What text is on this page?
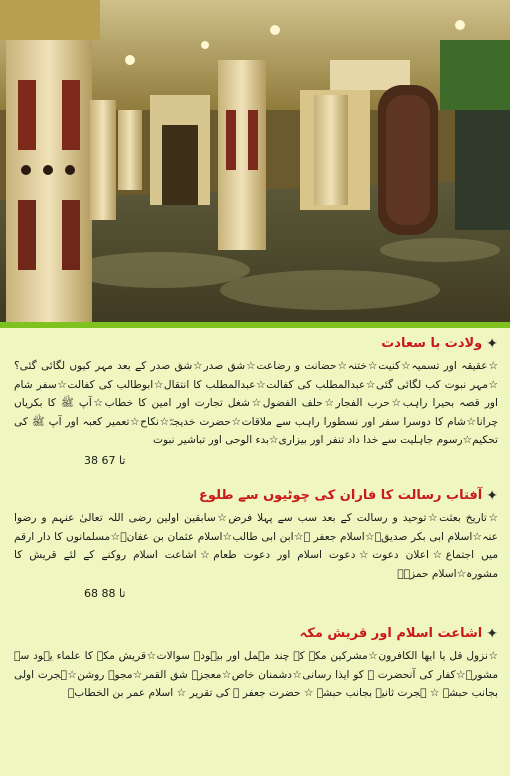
✦
ولادت با سعادت

☆عقیقہ اور تسمیہ☆کنیت☆ختنہ☆حضانت و رضاعت☆شق صدر☆شق صدر کے بعد مہر کیوں لگائی گئی؟☆مہر نبوت کب لگائی گئی☆عبدالمطلب کی کفالت☆عبدالمطلب کا انتقال☆ابوطالب کی کفالت☆سفر شام اور قصہ بحیرا راہب☆حرب الفجار☆حلف الفضول☆شغل تجارت اور امین کا خطاب☆آپ ﷺ کا بکریاں چرانا☆شام کا دوسرا سفر اور نسطورا راہب سے ملاقات☆حضرت خدیجہؓ☆نکاح☆تعمیر کعبہ اور آپ ﷺ کی تحکیم☆رسوم جاہلیت سے خدا داد تنفر اور بیزاری☆بدء الوحی اور تباشیر نبوت

38 تا 67
✦
آفتاب رسالت کا فاران کی چوٹیوں سے طلوع

☆تاریخ بعثت☆توحید و رسالت کے بعد سب سے پہلا فرض☆سابقین اولین رضی اللہ تعالیٰ عنہم و رضوا عنہ☆اسلام ابی بکر صدیقؓ☆اسلام جعفر ؓ☆ابن ابی طالب☆اسلام عثمان بن عفانؓ☆مسلمانوں کا دار ارقم میں اجتماع☆اعلان دعوت☆دعوت اسلام اور دعوت طعام☆اشاعت اسلام روکنے کے لئے قریش کا مشورہ☆اسلام حمزہؓ

68 تا 88
✦
اشاعت اسلام اور قریش مکہ

☆نزول قل یا ایھا الکافرون☆مشرکین مکہ کے چند مہمل اور بیہودہ سوالات☆قریش مکہ کا علماء یہود سے مشورہ☆کفار کی آنحضرت ﷺ کو ایذا رسانی☆دشمنان خاص☆معجزہ شق القمر☆مجوہ روشن☆ہجرت اولی بجانب حبشہ ☆ ہجرت ثانیہ بجانب حبشہ ☆ حضرت جعفر ؓ کی تقریر ☆ اسلام عمر بن الخطابؓ
